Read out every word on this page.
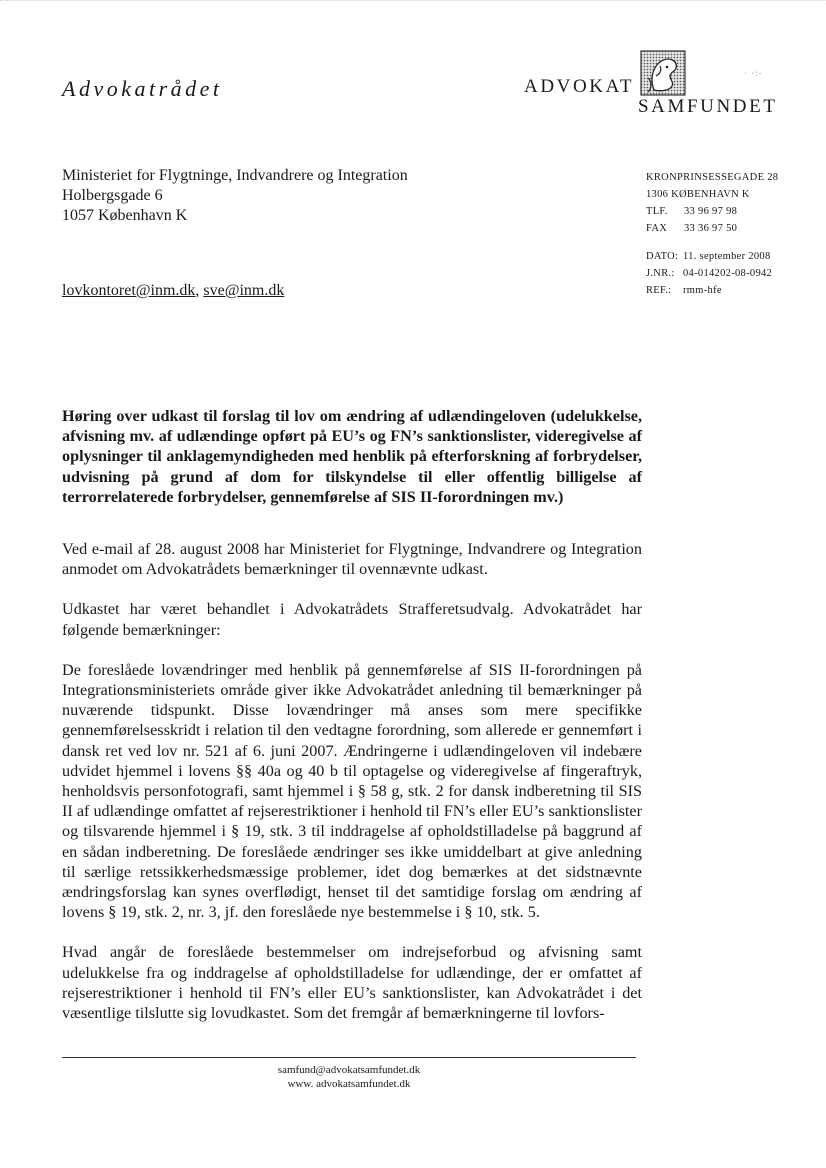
Advokatrådet	ADVOKAT
SAMFUNDET
· ·:-
Ministeriet for Flygtninge, Indvandrere og Integration
Holbergsgade 6
1057 København K
lovkontoret@inm.dk, sve@inm.dk
KRONPRINSESSEGADE 28
1306 KØBENHAVN K
TLF.	33 96 97 98
FAX	33 36 97 50
DATO: 11. september 2008
J.NR.: 04-014202-08-0942
REF.:	rmm-hfe
Høring over udkast til forslag til lov om ændring af udlændingeloven (udelukkelse, afvisning mv. af udlændinge opført på EU’s og FN’s sanktionslister, videregivelse af oplysninger til anklagemyndigheden med henblik på efterforskning af forbrydelser, udvisning på grund af dom for tilskyndelse til eller offentlig billigelse af terrorrelaterede forbrydelser, gennemførelse af SIS II-forordningen mv.)

Ved e-mail af 28. august 2008 har Ministeriet for Flygtninge, Indvandrere og Integration anmodet om Advokatrådets bemærkninger til ovennævnte udkast.

Udkastet har været behandlet i Advokatrådets Strafferetsudvalg. Advokatrådet har følgende bemærkninger:

De foreslåede lovændringer med henblik på gennemførelse af SIS II-forordningen på Integrationsministeriets område giver ikke Advokatrådet anledning til bemærkninger på nuværende tidspunkt. Disse lovændringer må anses som mere specifikke gennemførelsesskridt i relation til den vedtagne forordning, som allerede er gennemført i dansk ret ved lov nr. 521 af 6. juni 2007. Ændringerne i udlændingeloven vil indebære udvidet hjemmel i lovens §§ 40a og 40 b til optagelse og videregivelse af fingeraftryk, henholdsvis personfotografi, samt hjemmel i § 58 g, stk. 2 for dansk indberetning til SIS II af udlændinge omfattet af rejserestriktioner i henhold til FN’s eller EU’s sanktionslister og tilsvarende hjemmel i § 19, stk. 3 til inddragelse af opholdstilladelse på baggrund af en sådan indberetning. De foreslåede ændringer ses ikke umiddelbart at give anledning til særlige retssikkerhedsmæssige problemer, idet dog bemærkes at det sidstnævnte ændringsforslag kan synes overflødigt, henset til det samtidige forslag om ændring af lovens § 19, stk. 2, nr. 3, jf. den foreslåede nye bestemmelse i § 10, stk. 5.

Hvad angår de foreslåede bestemmelser om indrejseforbud og afvisning samt udelukkelse fra og inddragelse af opholdstilladelse for udlændinge, der er omfattet af rejserestriktioner i henhold til FN’s eller EU’s sanktionslister, kan Advokatrådet i det væsentlige tilslutte sig lovudkastet. Som det fremgår af bemærkningerne til lovfors-

samfund@advokatsamfundet.dk
www. advokatsamfundet.dk
